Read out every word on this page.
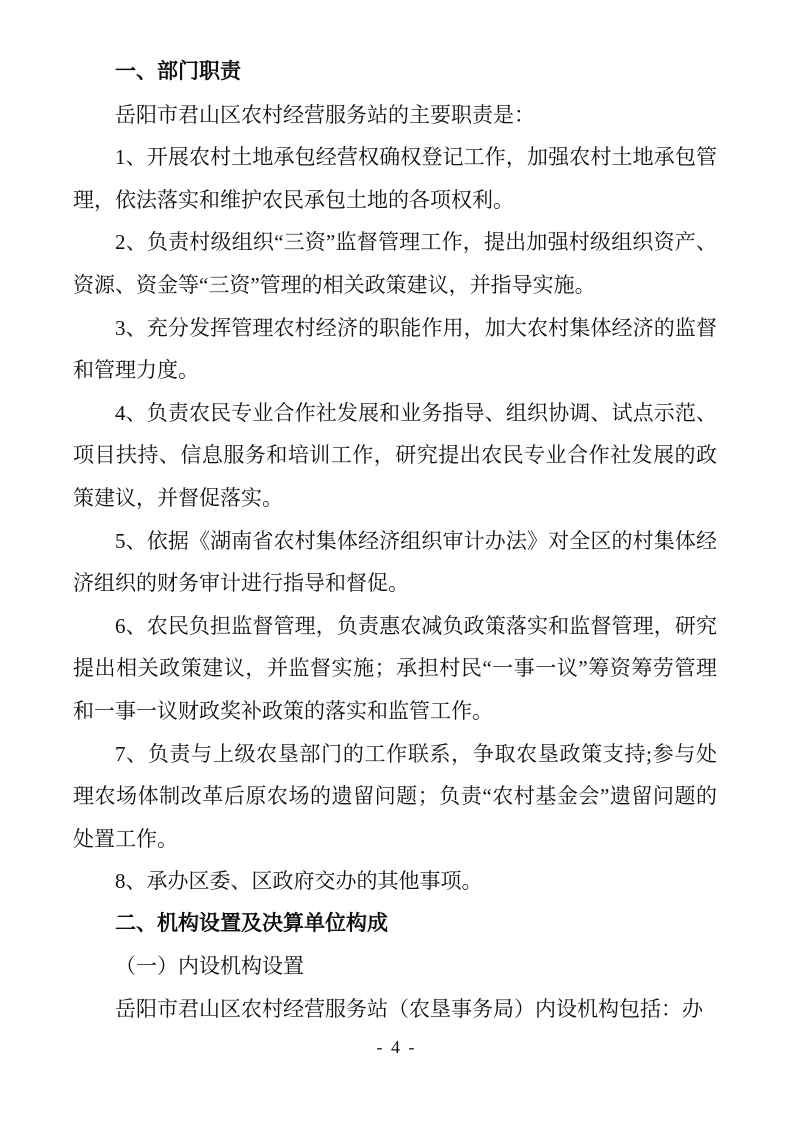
一、部门职责

岳阳市君山区农村经营服务站的主要职责是：

1、开展农村土地承包经营权确权登记工作，加强农村土地承包管理，依法落实和维护农民承包土地的各项权利。

2、负责村级组织“三资”监督管理工作，提出加强村级组织资产、资源、资金等“三资”管理的相关政策建议，并指导实施。

3、充分发挥管理农村经济的职能作用，加大农村集体经济的监督和管理力度。

4、负责农民专业合作社发展和业务指导、组织协调、试点示范、项目扶持、信息服务和培训工作，研究提出农民专业合作社发展的政策建议，并督促落实。

5、依据《湖南省农村集体经济组织审计办法》对全区的村集体经济组织的财务审计进行指导和督促。

6、农民负担监督管理，负责惠农减负政策落实和监督管理，研究提出相关政策建议，并监督实施；承担村民“一事一议”筹资筹劳管理和一事一议财政奖补政策的落实和监管工作。

7、负责与上级农垦部门的工作联系，争取农垦政策支持;参与处理农场体制改革后原农场的遗留问题；负责“农村基金会”遗留问题的处置工作。

8、承办区委、区政府交办的其他事项。

二、机构设置及决算单位构成

（一）内设机构设置

岳阳市君山区农村经营服务站（农垦事务局）内设机构包括：办

- 4 -
